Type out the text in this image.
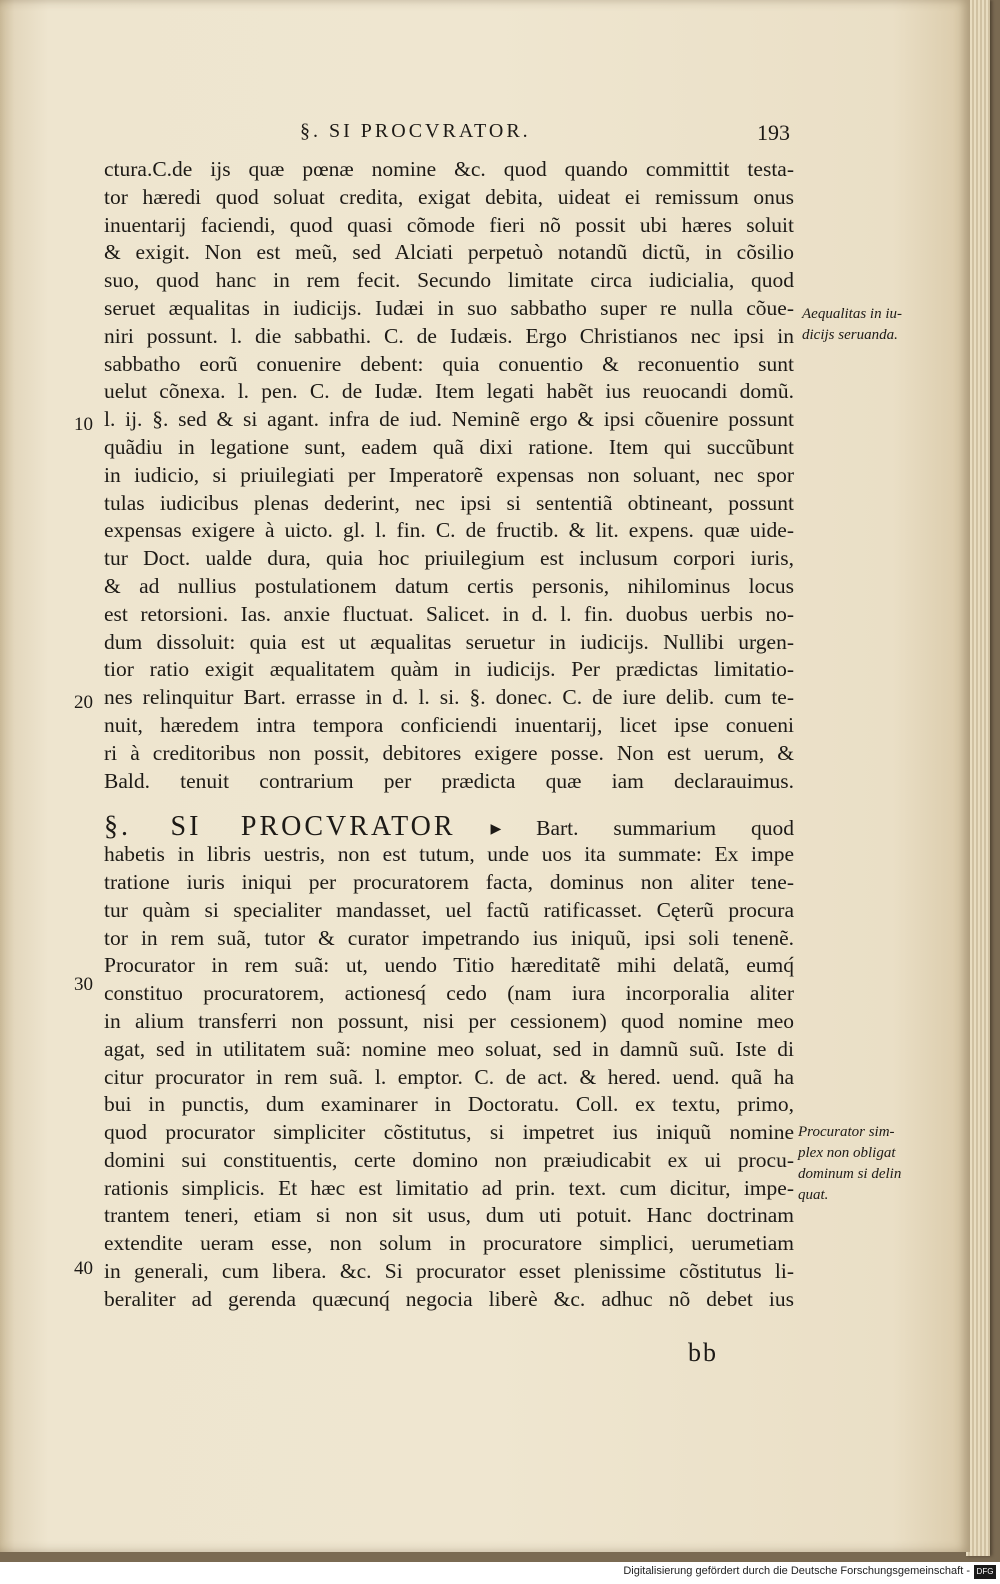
§. SI PROCVRATOR.	193
ctura.C.de ijs quæ pœnæ nomine &c. quod quando committit testa-
tor hæredi quod soluat credita, exigat debita, uideat ei remissum onus
inuentarij faciendi, quod quasi cõmode fieri nõ possit ubi hæres soluit
& exigit. Non est meũ, sed Alciati perpetuò notandũ dictũ, in cõsilio
suo, quod hanc in rem fecit. Secundo limitate circa iudicialia, quod
seruet æqualitas in iudicijs. Iudæi in suo sabbatho super re nulla cõue-
niri possunt. l. die sabbathi. C. de Iudæis. Ergo Christianos nec ipsi in
sabbatho eorũ conuenire debent: quia conuentio & reconuentio sunt
uelut cõnexa. l. pen. C. de Iudæ. Item legati habẽt ius reuocandi domũ.
l. ij. §. sed & si agant. infra de iud. Neminẽ ergo & ipsi cõuenire possunt
quãdiu in legatione sunt, eadem quã dixi ratione. Item qui succũbunt
in iudicio, si priuilegiati per Imperatorẽ expensas non soluant, nec spor
tulas iudicibus plenas dederint, nec ipsi si sententiã obtineant, possunt
expensas exigere à uicto. gl. l. fin. C. de fructib. & lit. expens. quæ uide-
tur Doct. ualde dura, quia hoc priuilegium est inclusum corpori iuris,
& ad nullius postulationem datum certis personis, nihilominus locus
est retorsioni. Ias. anxie fluctuat. Salicet. in d. l. fin. duobus uerbis no-
dum dissoluit: quia est ut æqualitas seruetur in iudicijs. Nullibi urgen-
tior ratio exigit æqualitatem quàm in iudicijs. Per prædictas limitatio-
nes relinquitur Bart. errasse in d. l. si. §. donec. C. de iure delib. cum te-
nuit, hæredem intra tempora conficiendi inuentarij, licet ipse conueni
ri à creditoribus non possit, debitores exigere posse. Non est uerum, &
Bald. tenuit contrarium per prædicta quæ iam declarauimus.
§. SI PROCVRATOR ▸ Bart. summarium quod
habetis in libris uestris, non est tutum, unde uos ita summate: Ex impe
tratione iuris iniqui per procuratorem facta, dominus non aliter tene-
tur quàm si specialiter mandasset, uel factũ ratificasset. Cęterũ procura
tor in rem suã, tutor & curator impetrando ius iniquũ, ipsi soli tenenẽ.
Procurator in rem suã: ut, uendo Titio hæreditatẽ mihi delatã, eumq́
constituo procuratorem, actionesq́ cedo (nam iura incorporalia aliter
in alium transferri non possunt, nisi per cessionem) quod nomine meo
agat, sed in utilitatem suã: nomine meo soluat, sed in damnũ suũ. Iste di
citur procurator in rem suã. l. emptor. C. de act. & hered. uend. quã ha
bui in punctis, dum examinarer in Doctoratu. Coll. ex textu, primo,
quod procurator simpliciter cõstitutus, si impetret ius iniquũ nomine
domini sui constituentis, certe domino non præiudicabit ex ui procu-
rationis simplicis. Et hæc est limitatio ad prin. text. cum dicitur, impe-
trantem teneri, etiam si non sit usus, dum uti potuit. Hanc doctrinam
extendite ueram esse, non solum in procuratore simplici, uerumetiam
in generali, cum libera. &c. Si procurator esset plenissime cõstitutus li-
beraliter ad gerenda quæcunq́ negocia liberè &c. adhuc nõ debet ius
10
20
30
40
Aequalitas in iu-
dicijs seruanda.
Procurator sim-
plex non obligat
dominum si delin
quat.
bb
Digitalisierung gefördert durch die Deutsche Forschungsgemeinschaft - DFG
